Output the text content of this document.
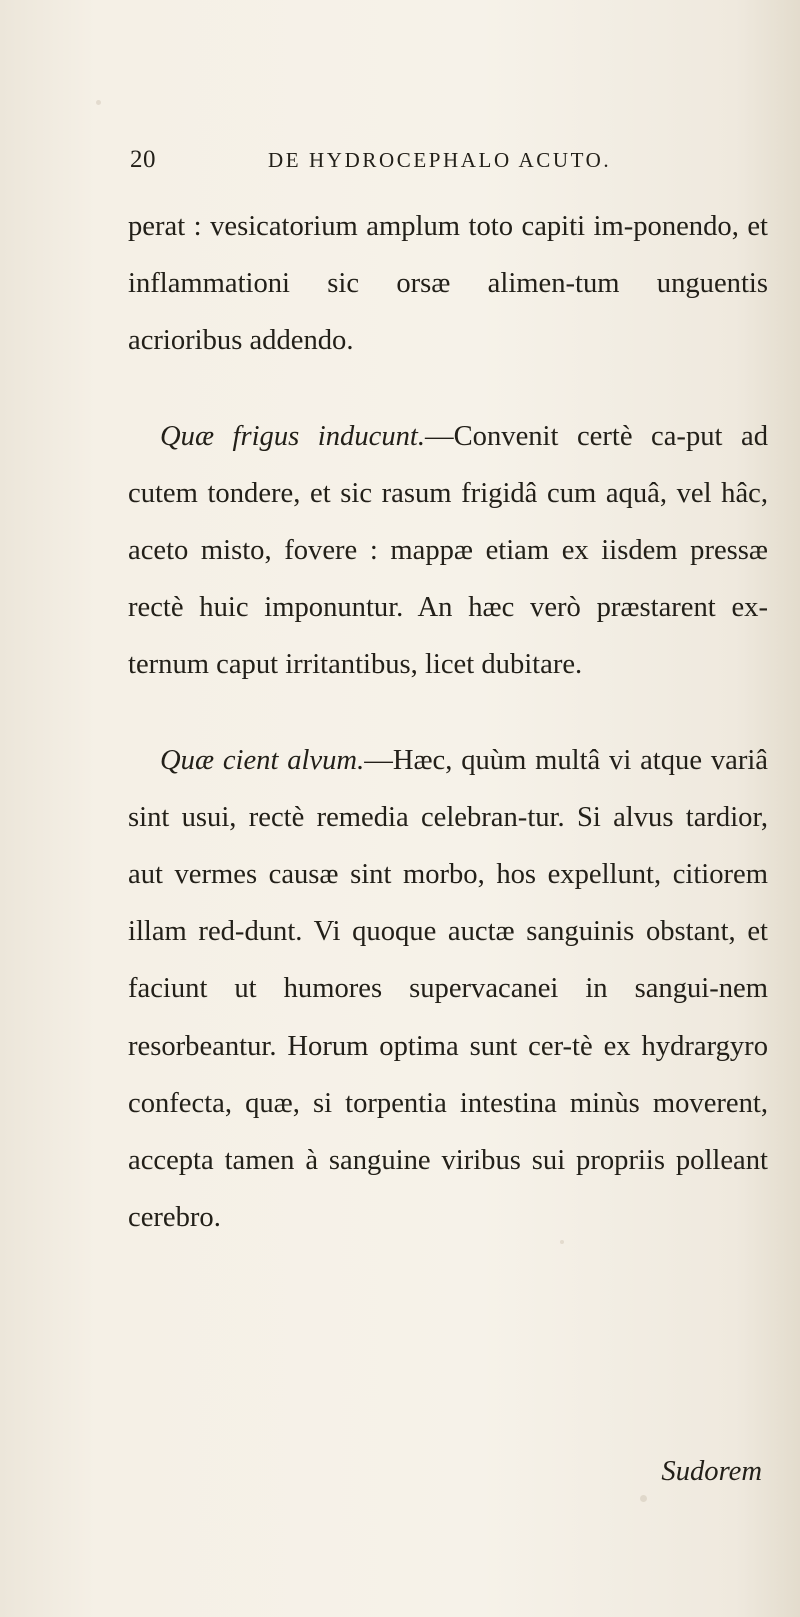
20	DE HYDROCEPHALO ACUTO.

perat : vesicatorium amplum toto capiti im-ponendo, et inflammationi sic orsæ alimen-tum unguentis acrioribus addendo.

Quæ frigus inducunt.—Convenit certè ca-put ad cutem tondere, et sic rasum frigidâ cum aquâ, vel hâc, aceto misto, fovere : mappæ etiam ex iisdem pressæ rectè huic imponuntur. An hæc verò præstarent ex-ternum caput irritantibus, licet dubitare.

Quæ cient alvum.—Hæc, quùm multâ vi atque variâ sint usui, rectè remedia celebran-tur. Si alvus tardior, aut vermes causæ sint morbo, hos expellunt, citiorem illam red-dunt. Vi quoque auctæ sanguinis obstant, et faciunt ut humores supervacanei in sangui-nem resorbeantur. Horum optima sunt cer-tè ex hydrargyro confecta, quæ, si torpentia intestina minùs moverent, accepta tamen à sanguine viribus sui propriis polleant cerebro.

Sudorem
